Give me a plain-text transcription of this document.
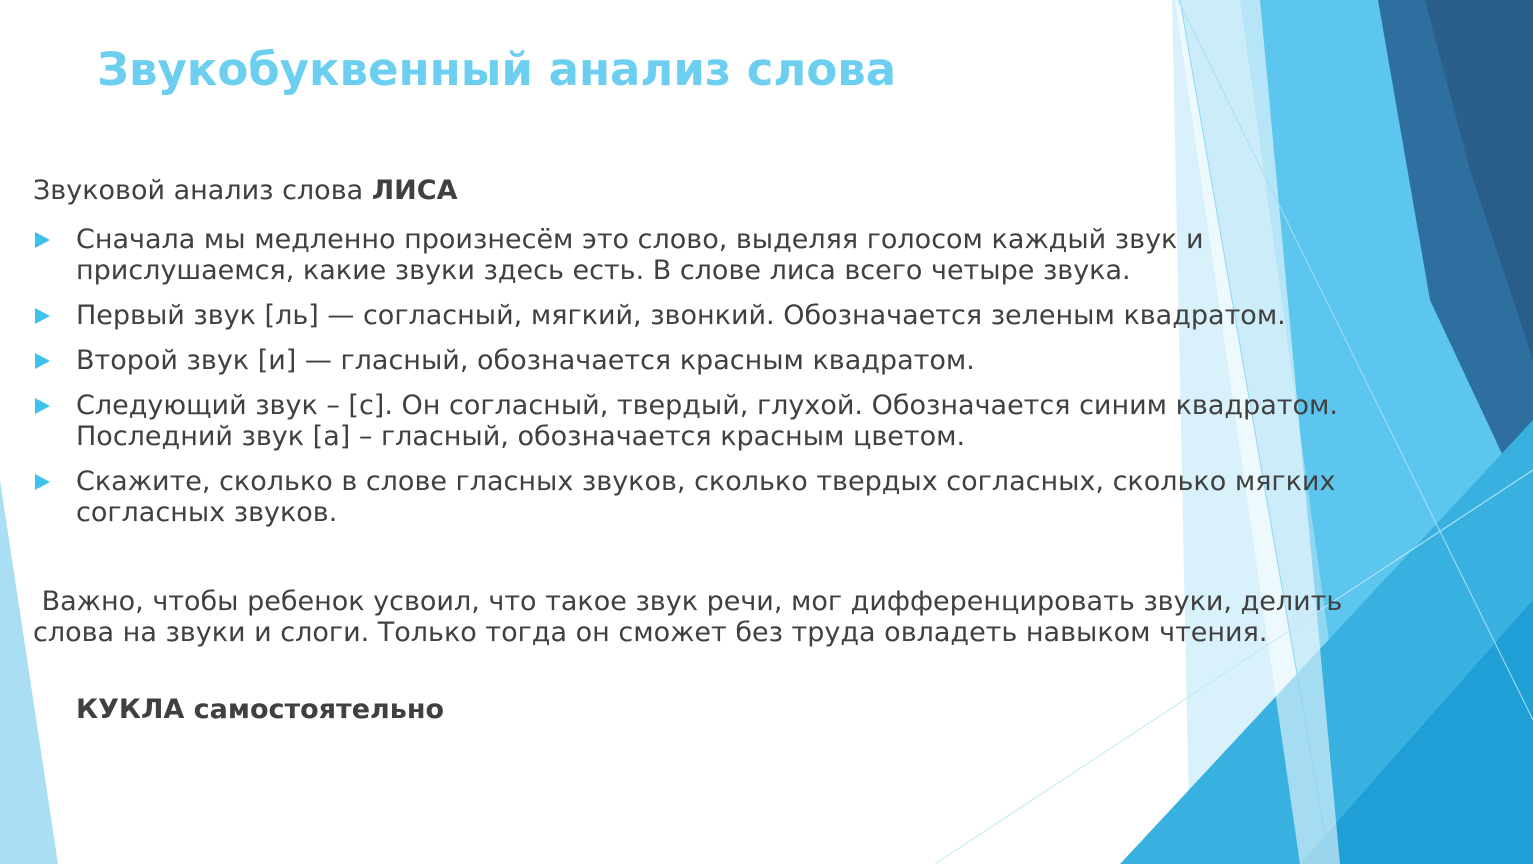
Звукобуквенный анализ слова

Звуковой анализ слова ЛИСА

Сначала мы медленно произнесём это слово, выделяя голосом каждый звук и прислушаемся, какие звуки здесь есть. В слове лиса всего четыре звука.
Первый звук [ль] — согласный, мягкий, звонкий. Обозначается зеленым квадратом.
Второй звук [и] — гласный, обозначается красным квадратом.
Следующий звук – [с]. Он согласный, твердый, глухой. Обозначается синим квадратом. Последний звук [а] – гласный, обозначается красным цветом.
Скажите, сколько в слове гласных звуков, сколько твердых согласных, сколько мягких согласных звуков.

Важно, чтобы ребенок усвоил, что такое звук речи, мог дифференцировать звуки, делить слова на звуки и слоги. Только тогда он сможет без труда овладеть навыком чтения.

КУКЛА самостоятельно
